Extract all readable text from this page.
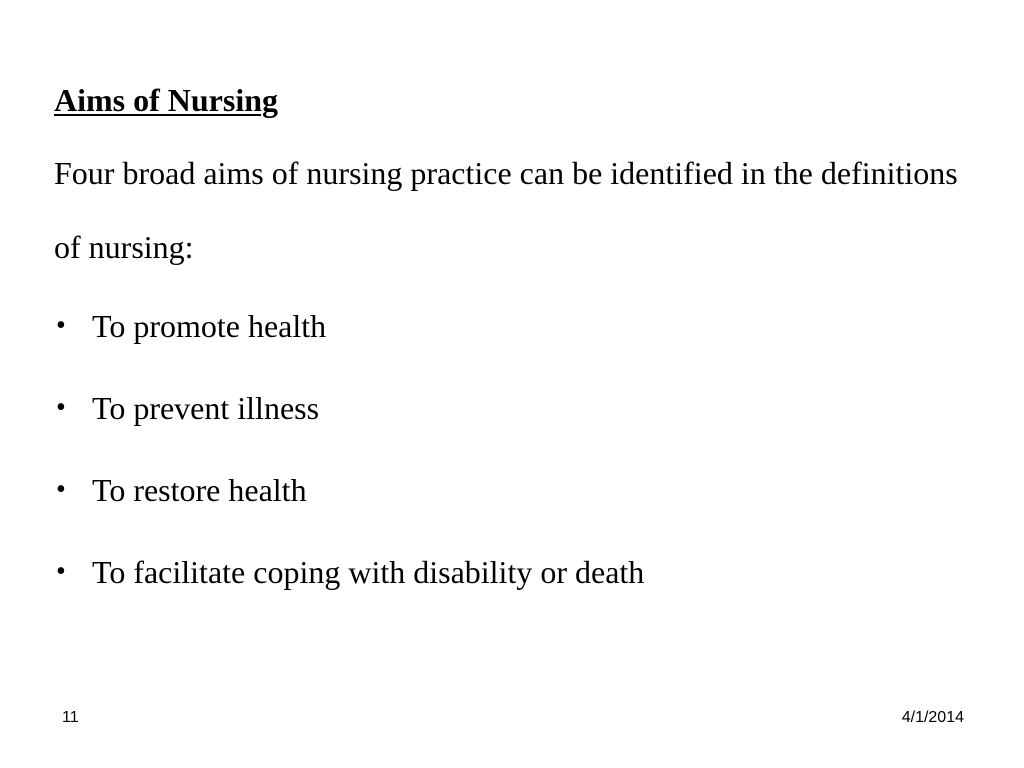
Aims of Nursing

Four broad aims of nursing practice can be identified in the definitions of nursing:

• To promote health
• To prevent illness
• To restore health
• To facilitate coping with disability or death
11	4/1/2014
